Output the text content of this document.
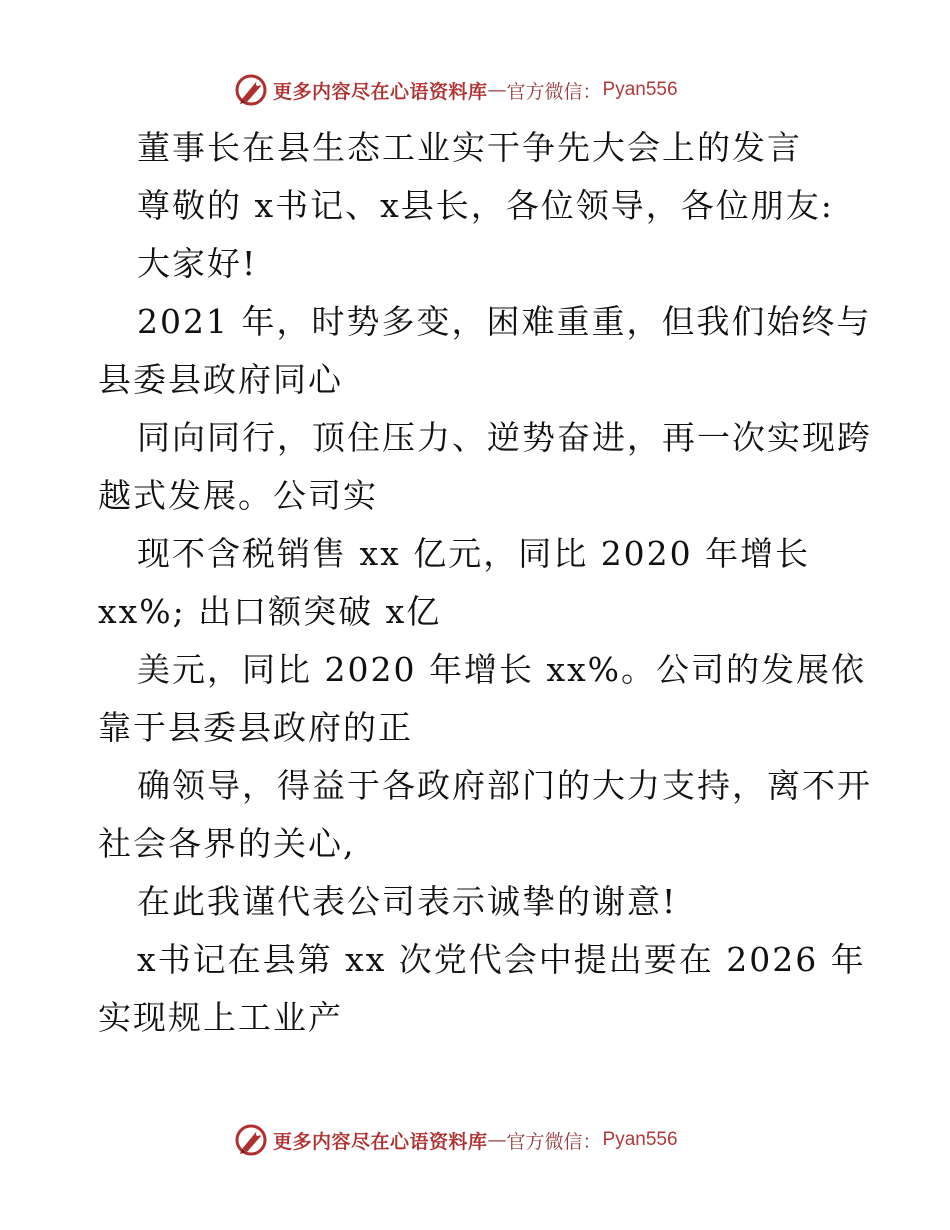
更多内容尽在心语资料库 — 官方微信： Pyan556
董事长在县生态工业实干争先大会上的发言
尊敬的 x书记、x县长，各位领导，各位朋友:
大家好!
2021 年，时势多变，困难重重，但我们始终与
县委县政府同心
同向同行，顶住压力、逆势奋进，再一次实现跨
越式发展。公司实
现不含税销售 xx 亿元，同比 2020 年增长
xx%; 出口额突破 x亿
美元，同比 2020 年增长 xx%。公司的发展依
靠于县委县政府的正
确领导，得益于各政府部门的大力支持，离不开
社会各界的关心,
在此我谨代表公司表示诚挚的谢意!
x书记在县第 xx 次党代会中提出要在 2026 年
实现规上工业产
更多内容尽在心语资料库 — 官方微信： Pyan556
